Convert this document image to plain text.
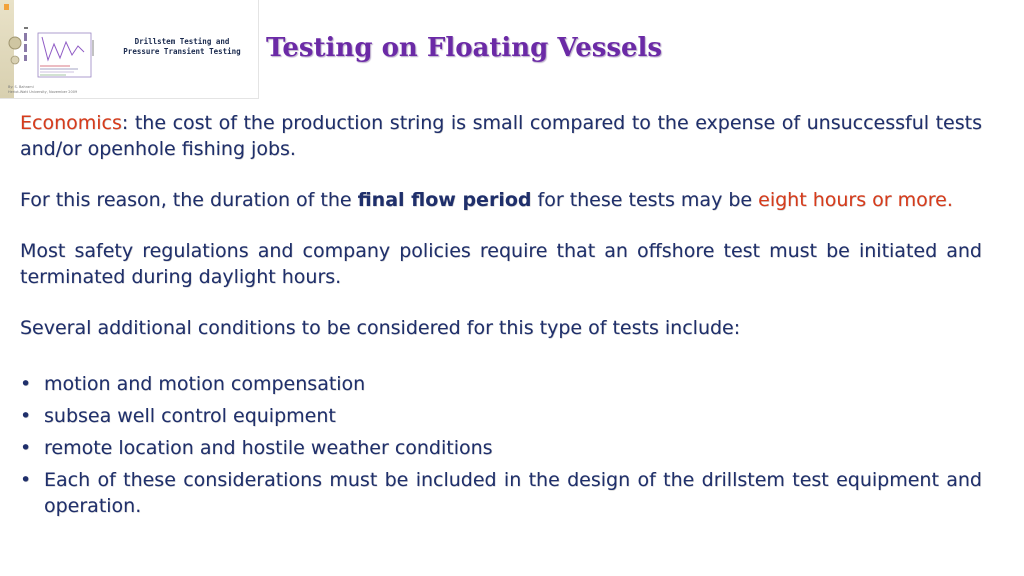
Drillstem Testing and
Pressure Transient Testing
By: S. Bahrami
Heriot-Watt University, November 2009
Testing on Floating Vessels

Economics: the cost of the production string is small compared to the expense of unsuccessful tests and/or openhole fishing jobs.

For this reason, the duration of the final flow period for these tests may be eight hours or more.

Most safety regulations and company policies require that an offshore test must be initiated and terminated during daylight hours.

Several additional conditions to be considered for this type of tests include:

• motion and motion compensation
• subsea well control equipment
• remote location and hostile weather conditions
• Each of these considerations must be included in the design of the drillstem test equipment and operation.
